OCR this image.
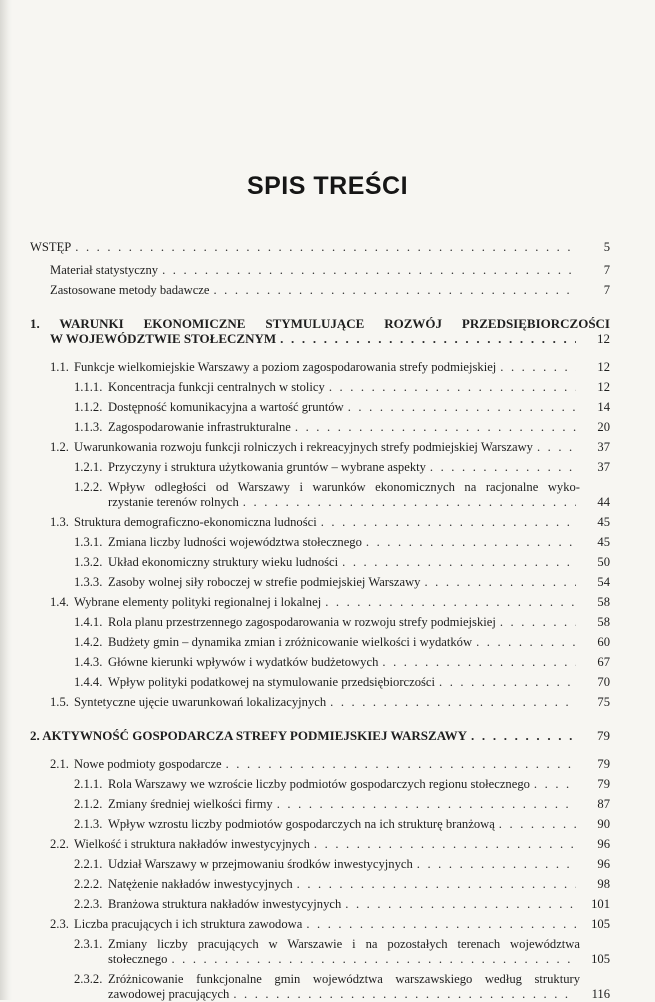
SPIS TREŚCI
WSTĘP . . .	5
Materiał statystyczny . . .	7
Zastosowane metody badawcze . . .	7
1. WARUNKI EKONOMICZNE STYMULUJĄCE ROZWÓJ PRZEDSIĘBIORCZOŚCI
W WOJEWÓDZTWIE STOŁECZNYM . . .	12
1.1. Funkcje wielkomiejskie Warszawy a poziom zagospodarowania strefy podmiejskiej . . .	12
1.1.1. Koncentracja funkcji centralnych w stolicy . . .	12
1.1.2. Dostępność komunikacyjna a wartość gruntów . . .	14
1.1.3. Zagospodarowanie infrastrukturalne . . .	20
1.2. Uwarunkowania rozwoju funkcji rolniczych i rekreacyjnych strefy podmiejskiej Warszawy . . .	37
1.2.1. Przyczyny i struktura użytkowania gruntów – wybrane aspekty . . .	37
1.2.2. Wpływ odległości od Warszawy i warunków ekonomicznych na racjonalne wyko-
rzystanie terenów rolnych . . .	44
1.3. Struktura demograficzno-ekonomiczna ludności . . .	45
1.3.1. Zmiana liczby ludności województwa stołecznego . . .	45
1.3.2. Układ ekonomiczny struktury wieku ludności . . .	50
1.3.3. Zasoby wolnej siły roboczej w strefie podmiejskiej Warszawy . . .	54
1.4. Wybrane elementy polityki regionalnej i lokalnej . . .	58
1.4.1. Rola planu przestrzennego zagospodarowania w rozwoju strefy podmiejskiej . . .	58
1.4.2. Budżety gmin – dynamika zmian i zróżnicowanie wielkości i wydatków . . .	60
1.4.3. Główne kierunki wpływów i wydatków budżetowych . . .	67
1.4.4. Wpływ polityki podatkowej na stymulowanie przedsiębiorczości . . .	70
1.5. Syntetyczne ujęcie uwarunkowań lokalizacyjnych . . .	75
2. AKTYWNOŚĆ GOSPODARCZA STREFY PODMIEJSKIEJ WARSZAWY . . .	79
2.1. Nowe podmioty gospodarcze . . .	79
2.1.1. Rola Warszawy we wzroście liczby podmiotów gospodarczych regionu stołecznego . . .	79
2.1.2. Zmiany średniej wielkości firmy . . .	87
2.1.3. Wpływ wzrostu liczby podmiotów gospodarczych na ich strukturę branżową . . .	90
2.2. Wielkość i struktura nakładów inwestycyjnych . . .	96
2.2.1. Udział Warszawy w przejmowaniu środków inwestycyjnych . . .	96
2.2.2. Natężenie nakładów inwestycyjnych . . .	98
2.2.3. Branżowa struktura nakładów inwestycyjnych . . .	101
2.3. Liczba pracujących i ich struktura zawodowa . . .	105
2.3.1. Zmiany liczby pracujących w Warszawie i na pozostałych terenach województwa
stołecznego . . .	105
2.3.2. Zróżnicowanie funkcjonalne gmin województwa warszawskiego według struktury
zawodowej pracujących . . .	116
